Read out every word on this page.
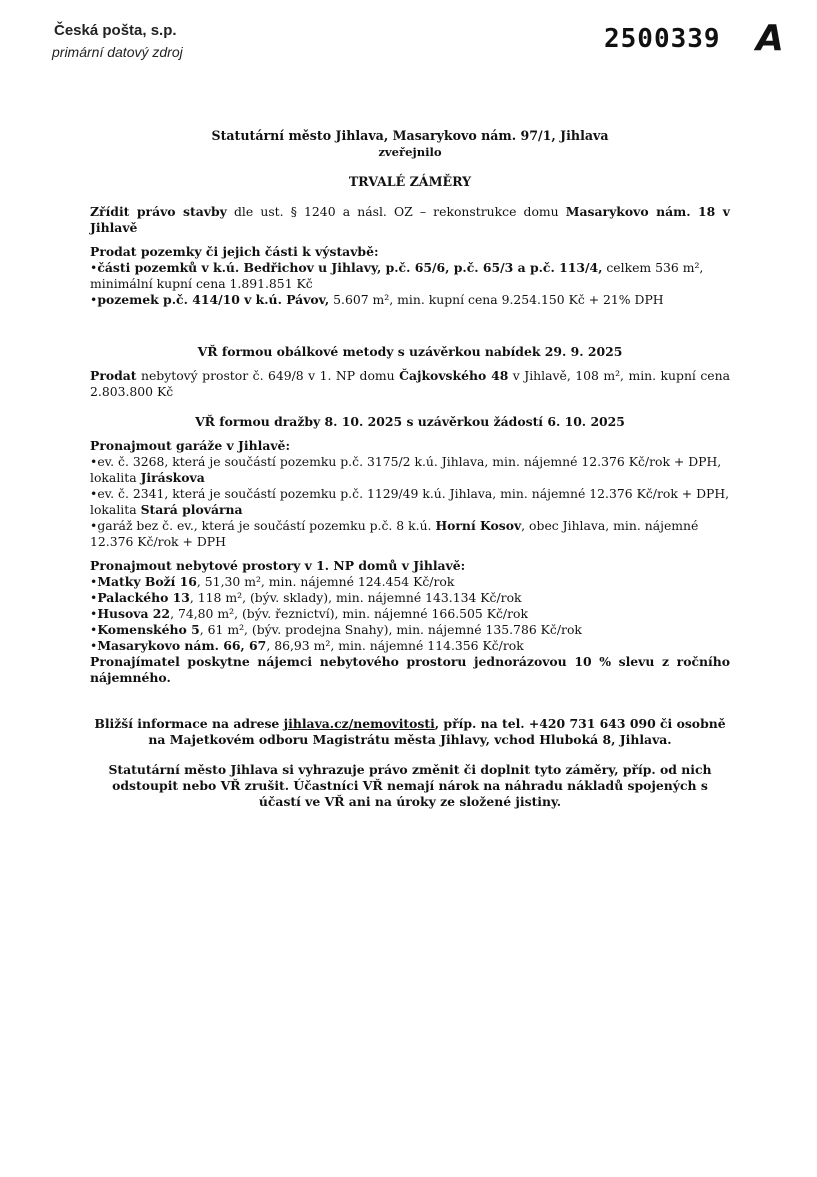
Česká pošta, s.p.
primární datový zdroj	2500339 A

Statutární město Jihlava, Masarykovo nám. 97/1, Jihlava

zveřejnilo

TRVALÉ ZÁMĚRY

Zřídit právo stavby dle ust. § 1240 a násl. OZ – rekonstrukce domu Masarykovo nám. 18 v Jihlavě

Prodat pozemky či jejich části k výstavbě:

• části pozemků v k.ú. Bedřichov u Jihlavy, p.č. 65/6, p.č. 65/3 a p.č. 113/4, celkem 536 m², minimální kupní cena 1.891.851 Kč
• pozemek p.č. 414/10 v k.ú. Pávov, 5.607 m², min. kupní cena 9.254.150 Kč + 21% DPH

VŘ formou obálkové metody s uzávěrkou nabídek 29. 9. 2025

Prodat nebytový prostor č. 649/8 v 1. NP domu Čajkovského 48 v Jihlavě, 108 m², min. kupní cena 2.803.800 Kč

VŘ formou dražby 8. 10. 2025 s uzávěrkou žádostí 6. 10. 2025

Pronajmout garáže v Jihlavě:

• ev. č. 3268, která je součástí pozemku p.č. 3175/2 k.ú. Jihlava, min. nájemné 12.376 Kč/rok + DPH, lokalita Jiráskova
• ev. č. 2341, která je součástí pozemku p.č. 1129/49 k.ú. Jihlava, min. nájemné 12.376 Kč/rok + DPH, lokalita Stará plovárna
• garáž bez č. ev., která je součástí pozemku p.č. 8 k.ú. Horní Kosov, obec Jihlava, min. nájemné 12.376 Kč/rok + DPH

Pronajmout nebytové prostory v 1. NP domů v Jihlavě:

• Matky Boží 16, 51,30 m², min. nájemné 124.454 Kč/rok
• Palackého 13, 118 m², (býv. sklady), min. nájemné 143.134 Kč/rok
• Husova 22, 74,80 m², (býv. řeznictví), min. nájemné 166.505 Kč/rok
• Komenského 5, 61 m², (býv. prodejna Snahy), min. nájemné 135.786 Kč/rok
• Masarykovo nám. 66, 67, 86,93 m², min. nájemné 114.356 Kč/rok

Pronajímatel poskytne nájemci nebytového prostoru jednorázovou 10 % slevu z ročního nájemného.

Bližší informace na adrese jihlava.cz/nemovitosti, příp. na tel. +420 731 643 090 či osobně na Majetkovém odboru Magistrátu města Jihlavy, vchod Hluboká 8, Jihlava.

Statutární město Jihlava si vyhrazuje právo změnit či doplnit tyto záměry, příp. od nich odstoupit nebo VŘ zrušit. Účastníci VŘ nemají nárok na náhradu nákladů spojených s účastí ve VŘ ani na úroky ze složené jistiny.
